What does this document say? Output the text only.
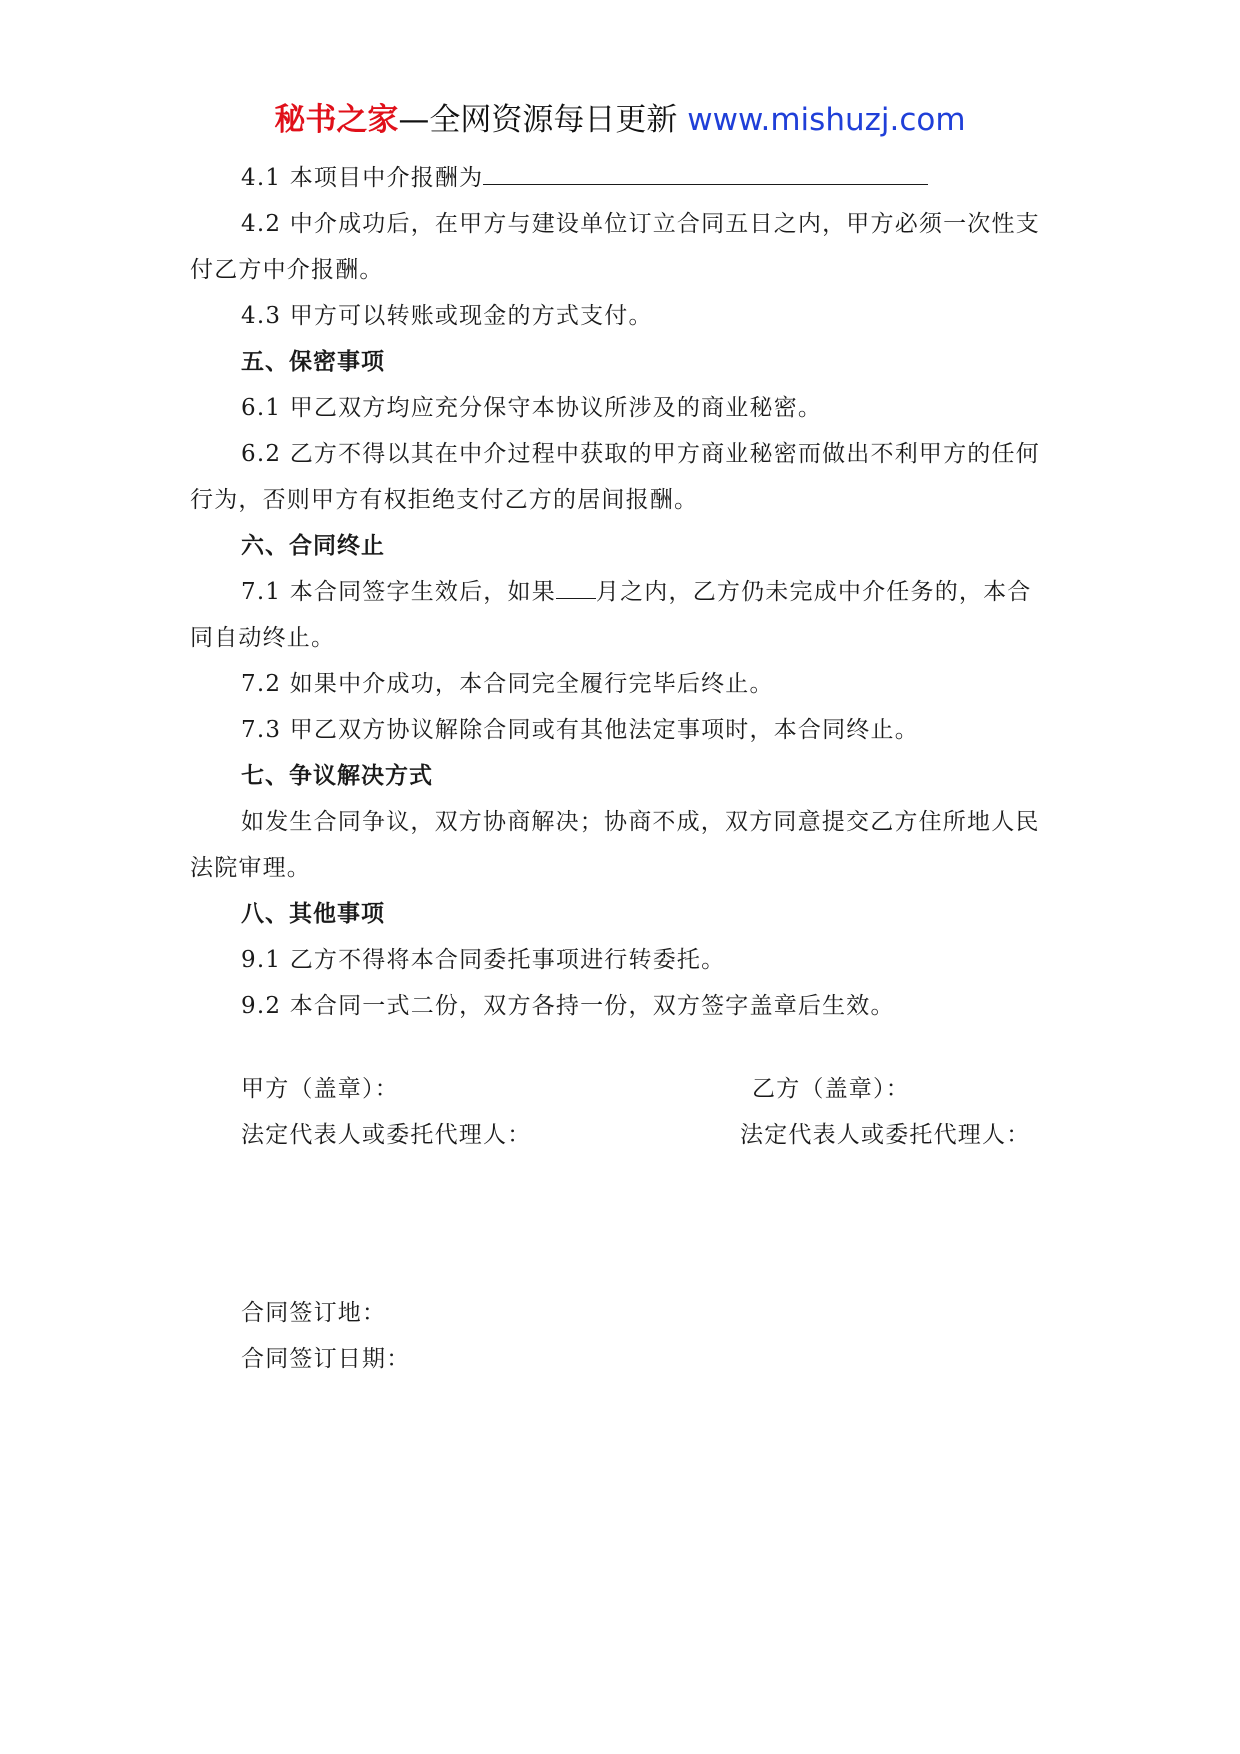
秘书之家—全网资源每日更新 www.mishuzj.com

4.1 本项目中介报酬为

4.2 中介成功后，在甲方与建设单位订立合同五日之内，甲方必须一次性支付乙方中介报酬。

4.3 甲方可以转账或现金的方式支付。

五、保密事项

6.1 甲乙双方均应充分保守本协议所涉及的商业秘密。

6.2 乙方不得以其在中介过程中获取的甲方商业秘密而做出不利甲方的任何行为，否则甲方有权拒绝支付乙方的居间报酬。

六、合同终止

7.1 本合同签字生效后，如果 月之内，乙方仍未完成中介任务的，本合同自动终止。

7.2 如果中介成功，本合同完全履行完毕后终止。

7.3 甲乙双方协议解除合同或有其他法定事项时，本合同终止。

七、争议解决方式

如发生合同争议，双方协商解决；协商不成，双方同意提交乙方住所地人民法院审理。

八、其他事项

9.1 乙方不得将本合同委托事项进行转委托。

9.2 本合同一式二份，双方各持一份，双方签字盖章后生效。

甲方（盖章）：	乙方（盖章）：
法定代表人或委托代理人：	法定代表人或委托代理人：
合同签订地：
合同签订日期：
